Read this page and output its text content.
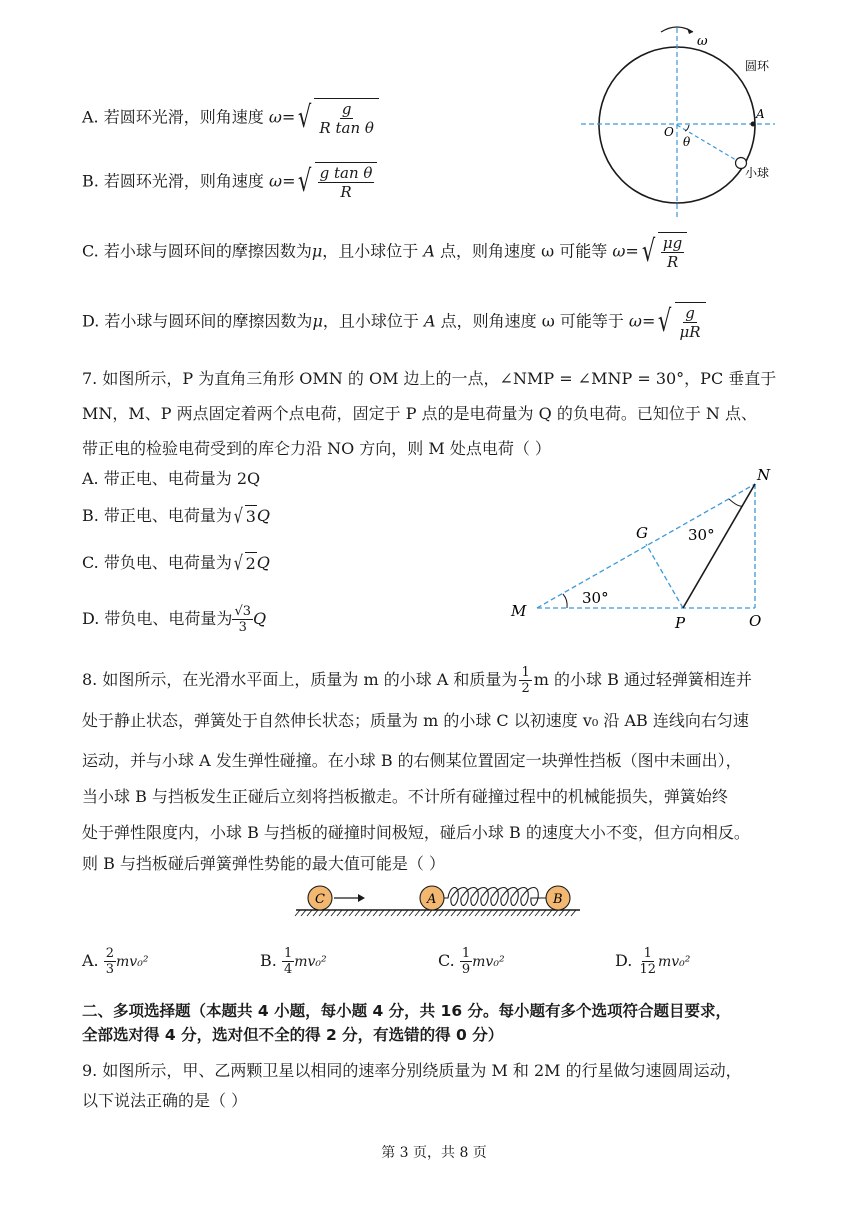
A. 若圆环光滑，则角速度 ω= √ $\frac{g}{\text{R tan θ}}$
B. 若圆环光滑，则角速度 ω= √ $\frac{\text{g tan θ}}{R}$
C. 若小球与圆环间的摩擦因数为μ，且小球位于 A 点，则角速度 ω 可能等 ω= √ $\frac{\mu g}{R}$
D. 若小球与圆环间的摩擦因数为μ，且小球位于 A 点，则角速度 ω 可能等于 ω= √ $\frac{g}{\mu R}$
ω
圆环
A
O
θ
小球
7. 如图所示，P 为直角三角形 OMN 的 OM 边上的一点，∠NMP = ∠MNP = 30°，PC 垂直于
MN，M、P 两点固定着两个点电荷，固定于 P 点的是电荷量为 Q 的负电荷。已知位于 N 点、
带正电的检验电荷受到的库仑力沿 NO 方向，则 M 处点电荷（ ）
A. 带正电、电荷量为 2Q
B. 带正电、电荷量为 √ 3 Q
C. 带负电、电荷量为 √ 2 Q
D. 带负电、电荷量为 $\frac{√3}{3}$ Q
N
G	30°
M
30°
P	O
8. 如图所示，在光滑水平面上，质量为 m 的小球 A 和质量为 $\frac{1}{2}$ m 的小球 B 通过轻弹簧相连并
处于静止状态，弹簧处于自然伸长状态；质量为 m 的小球 C 以初速度 v₀ 沿 AB 连线向右匀速
运动，并与小球 A 发生弹性碰撞。在小球 B 的右侧某位置固定一块弹性挡板（图中未画出），
当小球 B 与挡板发生正碰后立刻将挡板撤走。不计所有碰撞过程中的机械能损失，弹簧始终
处于弹性限度内，小球 B 与挡板的碰撞时间极短，碰后小球 B 的速度大小不变，但方向相反。
则 B 与挡板碰后弹簧弹性势能的最大值可能是（ ）
C	A	B
A. $\frac{2}{3} mv_0^2$	B. $\frac{1}{4} mv_0^2$	C. $\frac{1}{9} mv_0^2$	D. $\frac{1}{12} mv_0^2$
二、多项选择题（本题共 4 小题，每小题 4 分，共 16 分。每小题有多个选项符合题目要求，
全部选对得 4 分，选对但不全的得 2 分，有选错的得 0 分）
9. 如图所示，甲、乙两颗卫星以相同的速率分别绕质量为 M 和 2M 的行星做匀速圆周运动，
以下说法正确的是（ ）
第 3 页，共 8 页
